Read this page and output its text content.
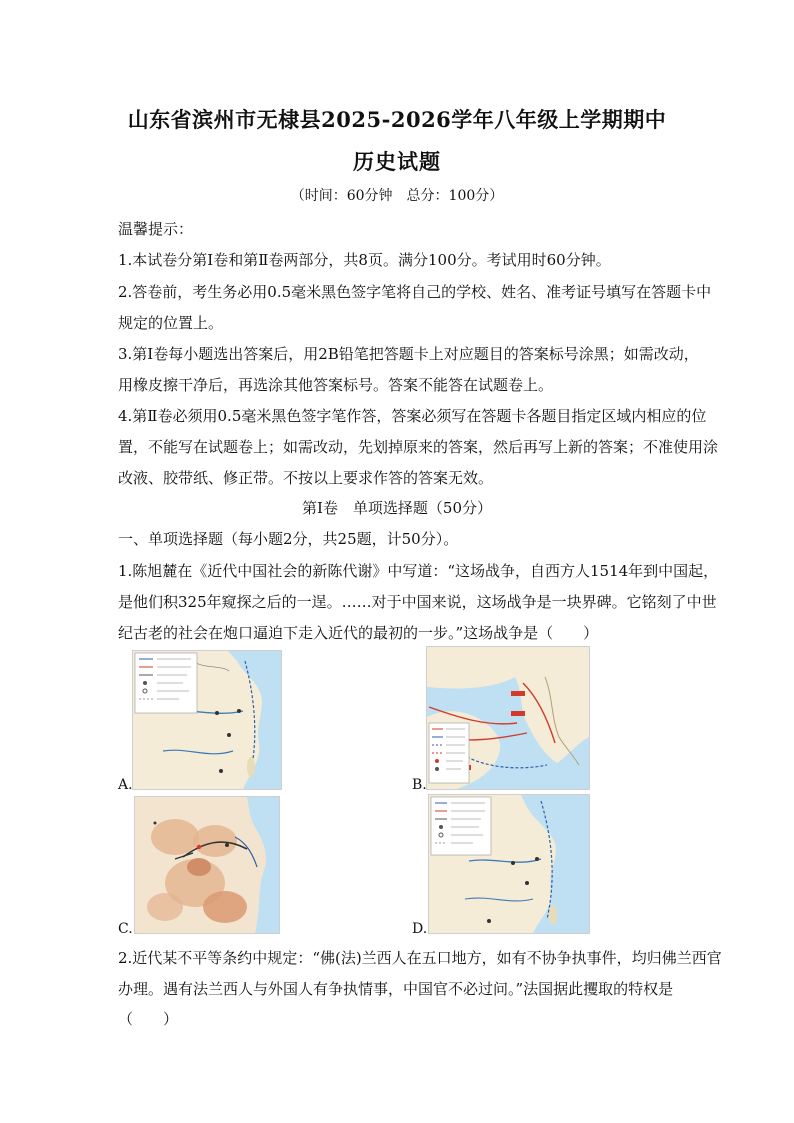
山东省滨州市无棣县2025-2026学年八年级上学期期中
历史试题
（时间：60分钟　总分：100分）
温馨提示：
1.本试卷分第Ⅰ卷和第Ⅱ卷两部分，共8页。满分100分。考试用时60分钟。
2.答卷前，考生务必用0.5毫米黑色签字笔将自己的学校、姓名、准考证号填写在答题卡中
规定的位置上。
3.第Ⅰ卷每小题选出答案后，用2B铅笔把答题卡上对应题目的答案标号涂黑；如需改动，
用橡皮擦干净后，再选涂其他答案标号。答案不能答在试题卷上。
4.第Ⅱ卷必须用0.5毫米黑色签字笔作答，答案必须写在答题卡各题目指定区域内相应的位
置，不能写在试题卷上；如需改动，先划掉原来的答案，然后再写上新的答案；不准使用涂
改液、胶带纸、修正带。不按以上要求作答的答案无效。
第Ⅰ卷　单项选择题（50分）
一、单项选择题（每小题2分，共25题，计50分）。
1.陈旭麓在《近代中国社会的新陈代谢》中写道：“这场战争，自西方人1514年到中国起，
是他们积325年窥探之后的一逞。……对于中国来说，这场战争是一块界碑。它铭刻了中世
纪古老的社会在炮口逼迫下走入近代的最初的一步。”这场战争是（　　）
A.	B.
C.	D.
2.近代某不平等条约中规定：“佛(法)兰西人在五口地方，如有不协争执事件，均归佛兰西官
办理。遇有法兰西人与外国人有争执情事，中国官不必过问。”法国据此攫取的特权是
（　　）
